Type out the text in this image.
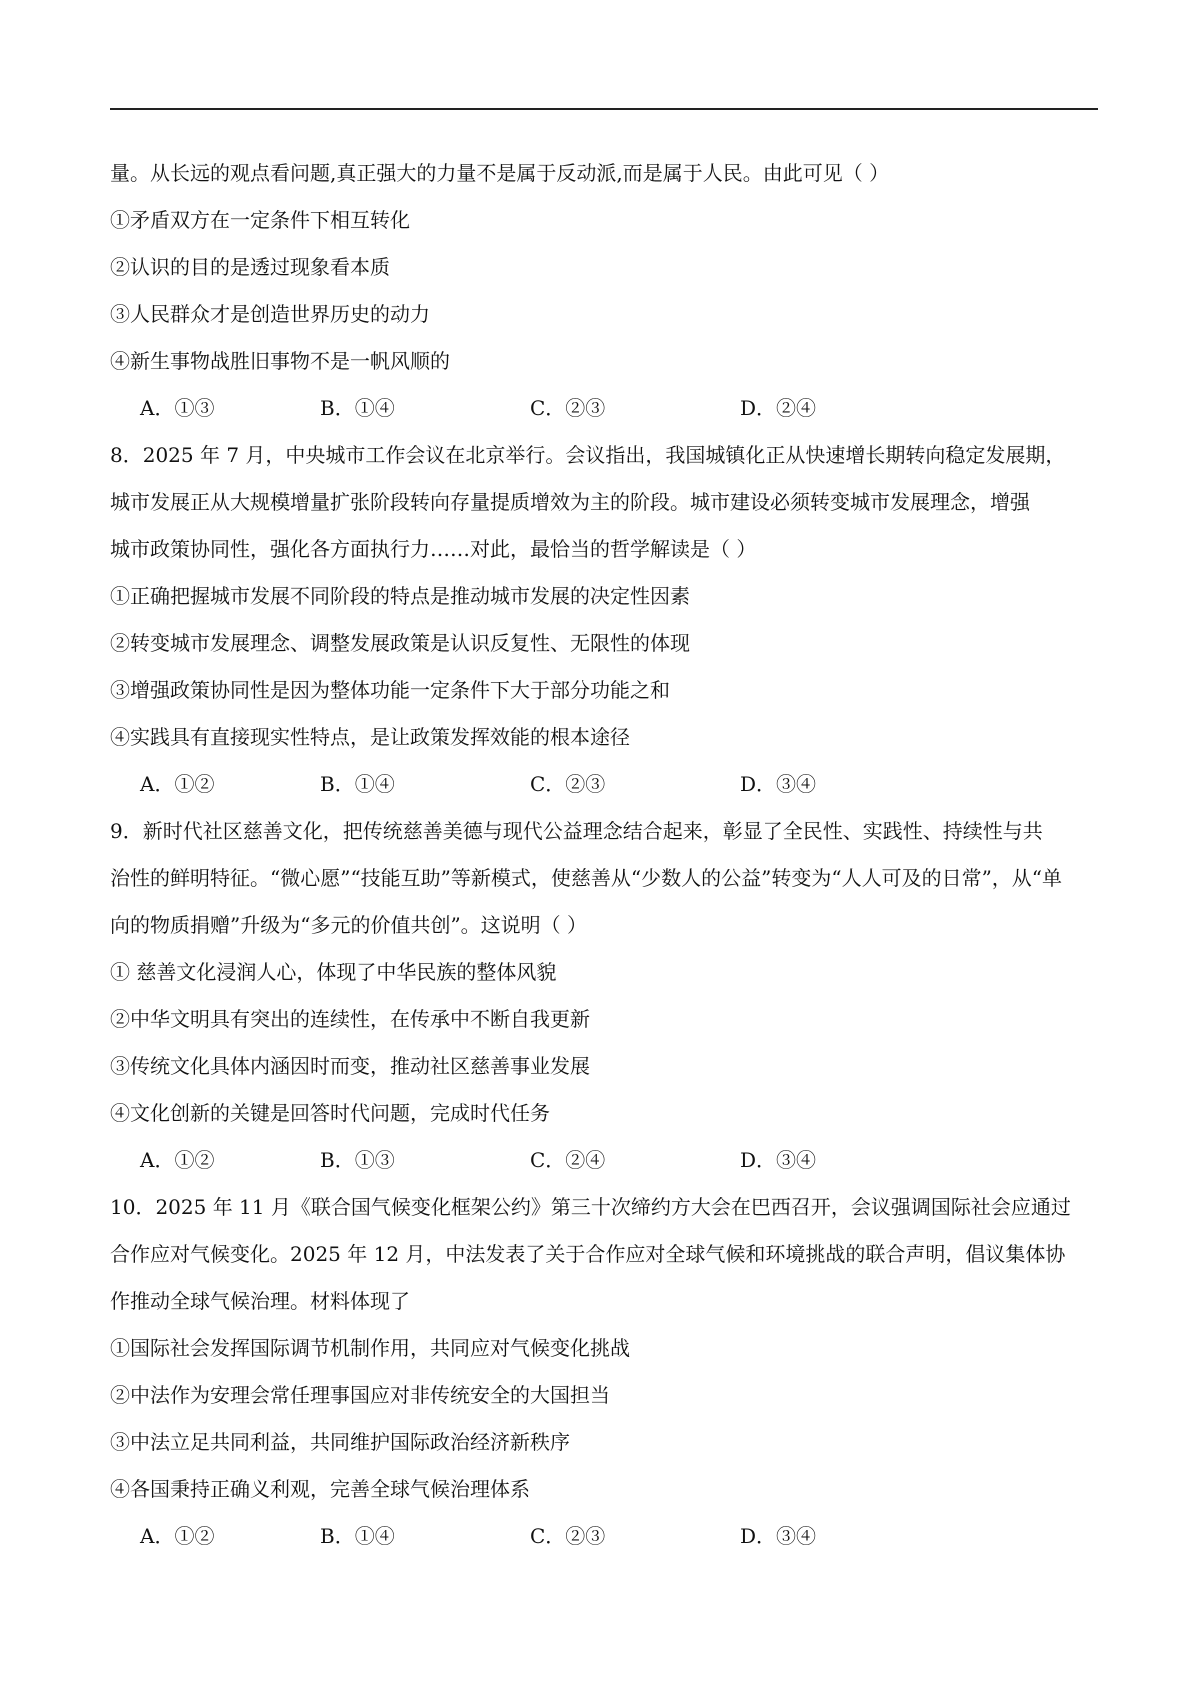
量。从长远的观点看问题,真正强大的力量不是属于反动派,而是属于人民。由此可见（ ）
①矛盾双方在一定条件下相互转化
②认识的目的是透过现象看本质
③人民群众才是创造世界历史的动力
④新生事物战胜旧事物不是一帆风顺的
A．①③	B．①④	C．②③	D．②④
8．2025 年 7 月，中央城市工作会议在北京举行。会议指出，我国城镇化正从快速增长期转向稳定发展期，
城市发展正从大规模增量扩张阶段转向存量提质增效为主的阶段。城市建设必须转变城市发展理念，增强
城市政策协同性，强化各方面执行力……对此，最恰当的哲学解读是（ ）
①正确把握城市发展不同阶段的特点是推动城市发展的决定性因素
②转变城市发展理念、调整发展政策是认识反复性、无限性的体现
③增强政策协同性是因为整体功能一定条件下大于部分功能之和
④实践具有直接现实性特点，是让政策发挥效能的根本途径
A．①②	B．①④	C．②③	D．③④
9．新时代社区慈善文化，把传统慈善美德与现代公益理念结合起来，彰显了全民性、实践性、持续性与共
治性的鲜明特征。“微心愿”“技能互助”等新模式，使慈善从“少数人的公益”转变为“人人可及的日常”，从“单
向的物质捐赠”升级为“多元的价值共创”。这说明（ ）
① 慈善文化浸润人心，体现了中华民族的整体风貌
②中华文明具有突出的连续性，在传承中不断自我更新
③传统文化具体内涵因时而变，推动社区慈善事业发展
④文化创新的关键是回答时代问题，完成时代任务
A．①②	B．①③	C．②④	D．③④
10．2025 年 11 月《联合国气候变化框架公约》第三十次缔约方大会在巴西召开，会议强调国际社会应通过
合作应对气候变化。2025 年 12 月，中法发表了关于合作应对全球气候和环境挑战的联合声明，倡议集体协
作推动全球气候治理。材料体现了
①国际社会发挥国际调节机制作用，共同应对气候变化挑战
②中法作为安理会常任理事国应对非传统安全的大国担当
③中法立足共同利益，共同维护国际政治经济新秩序
④各国秉持正确义利观，完善全球气候治理体系
A．①②	B．①④	C．②③	D．③④
